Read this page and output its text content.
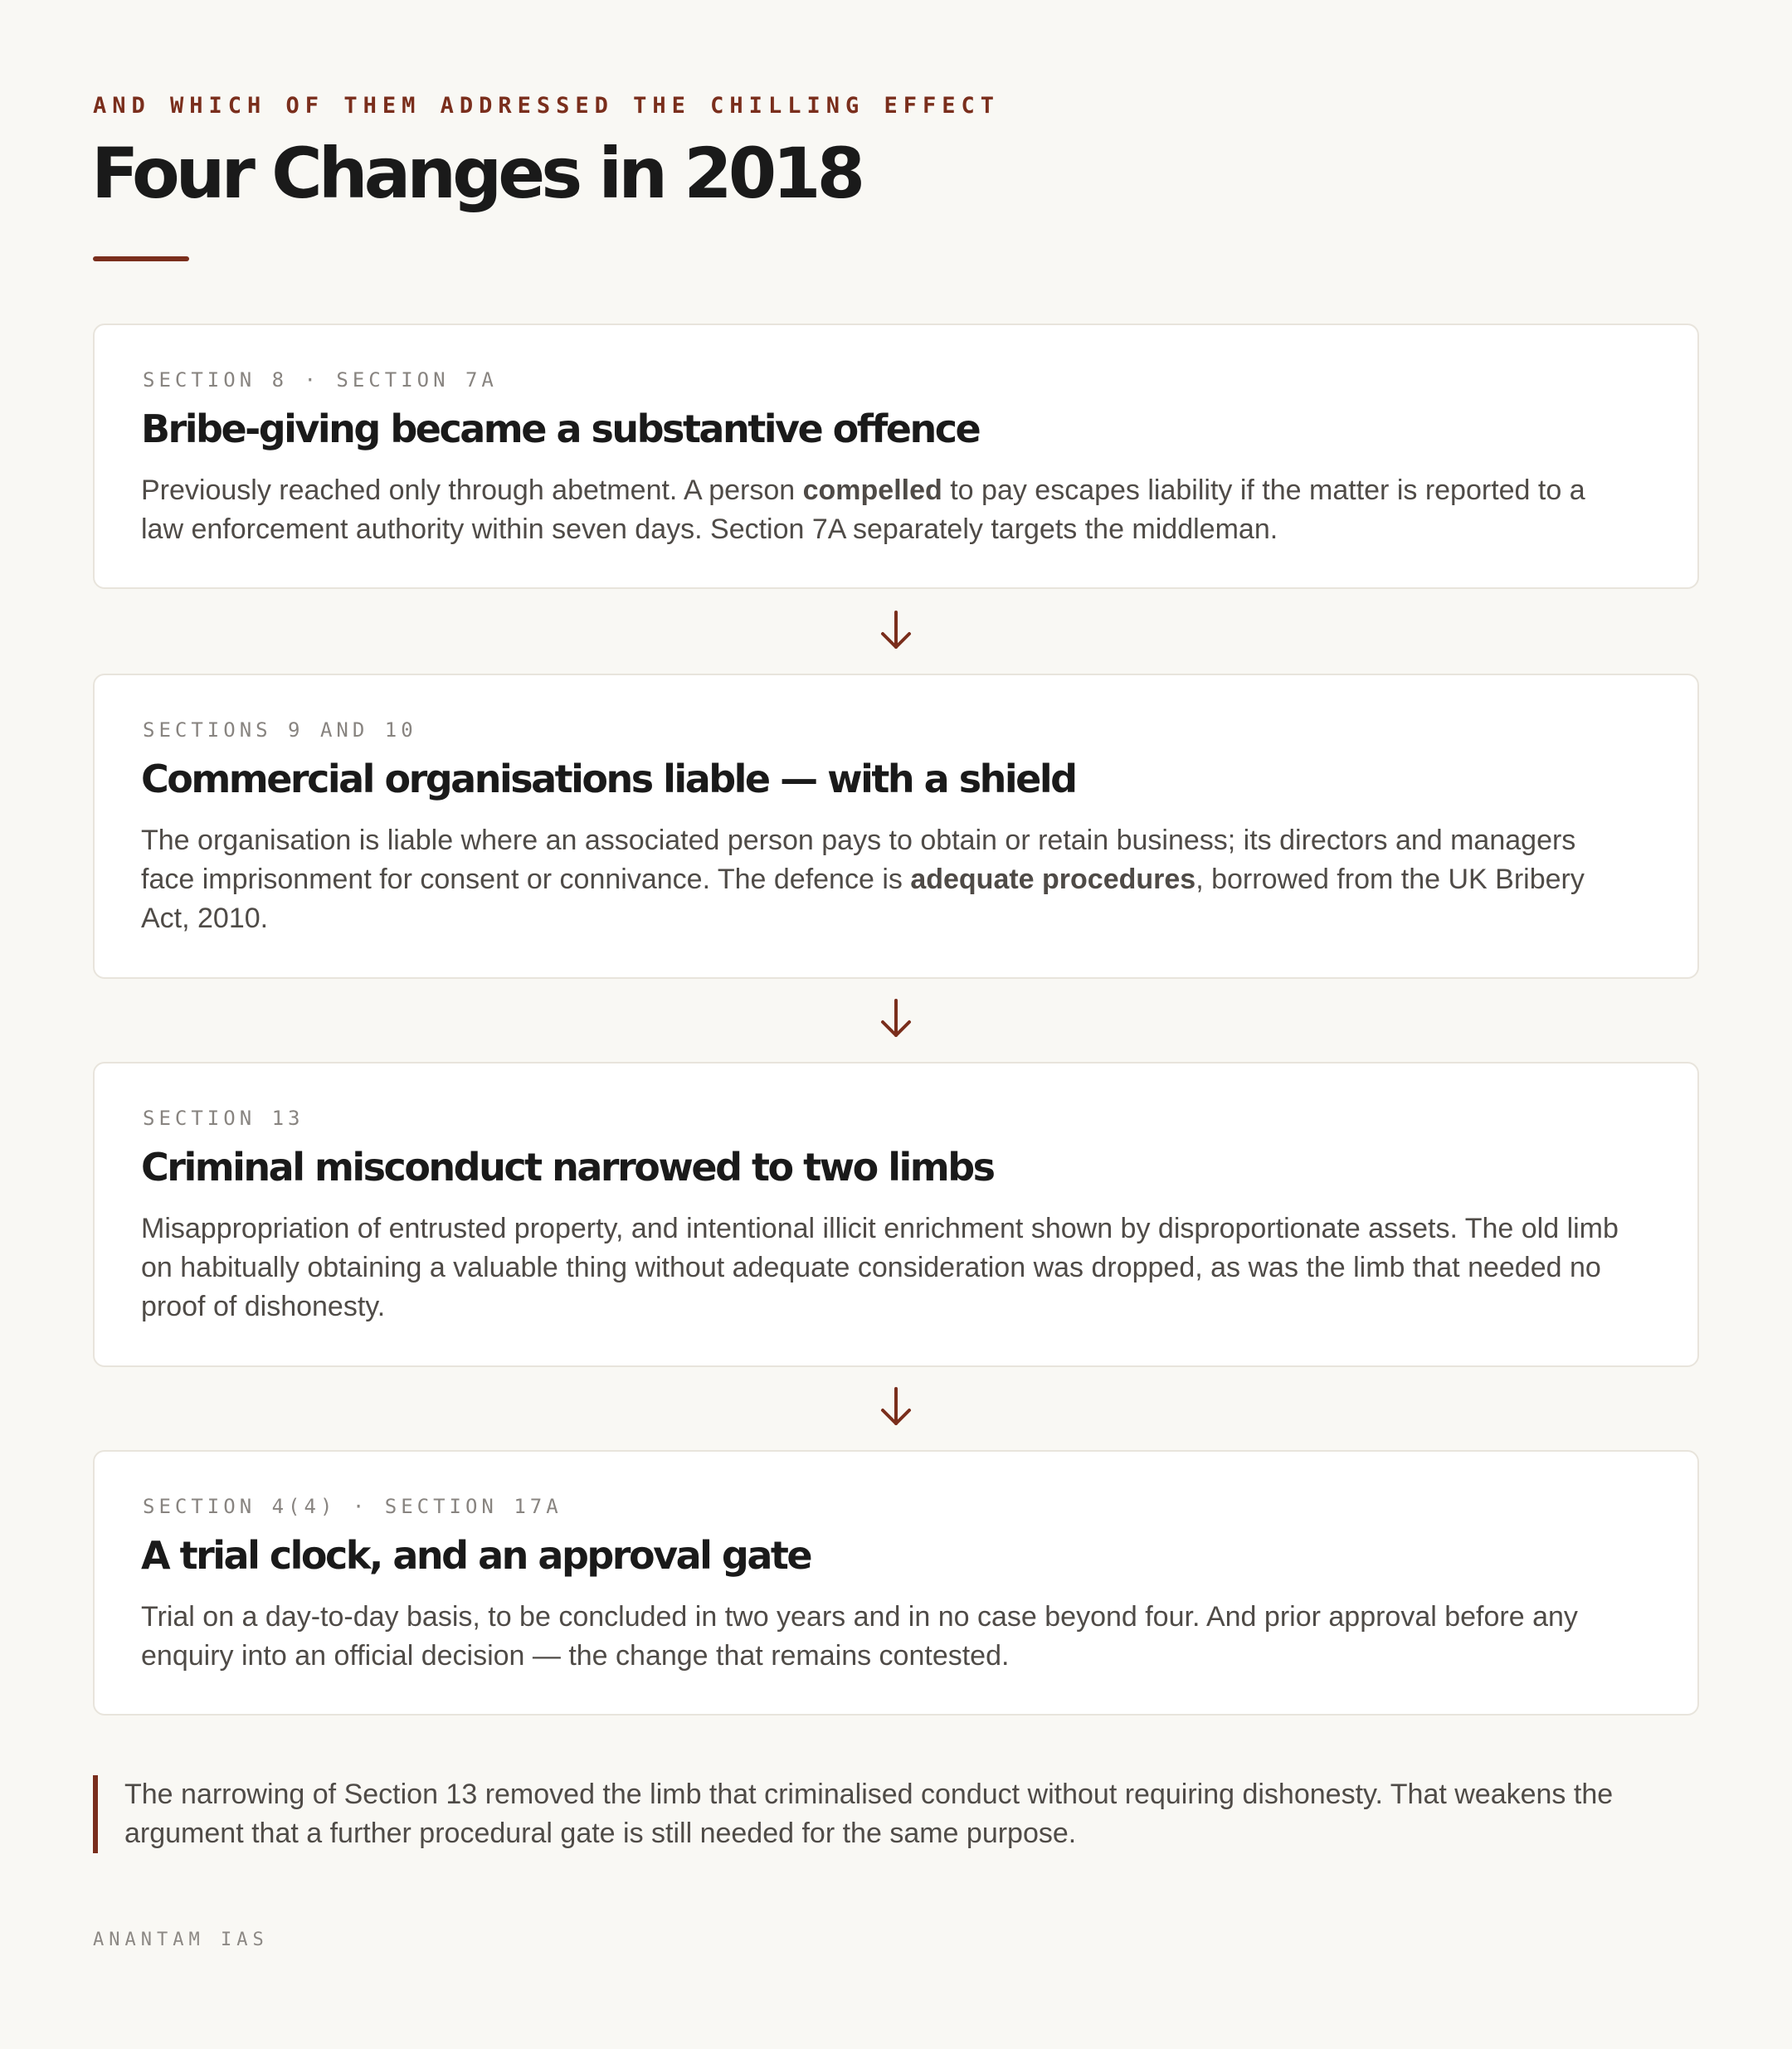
AND WHICH OF THEM ADDRESSED THE CHILLING EFFECT
Four Changes in 2018
SECTION 8 · SECTION 7A
Bribe-giving became a substantive offence

Previously reached only through abetment. A person compelled to pay escapes liability if the matter is reported to a law enforcement authority within seven days. Section 7A separately targets the middleman.

SECTIONS 9 AND 10
Commercial organisations liable — with a shield

The organisation is liable where an associated person pays to obtain or retain business; its directors and managers face imprisonment for consent or connivance. The defence is adequate procedures, borrowed from the UK Bribery Act, 2010.

SECTION 13
Criminal misconduct narrowed to two limbs

Misappropriation of entrusted property, and intentional illicit enrichment shown by disproportionate assets. The old limb on habitually obtaining a valuable thing without adequate consideration was dropped, as was the limb that needed no proof of dishonesty.

SECTION 4(4) · SECTION 17A
A trial clock, and an approval gate

Trial on a day-to-day basis, to be concluded in two years and in no case beyond four. And prior approval before any enquiry into an official decision — the change that remains contested.

The narrowing of Section 13 removed the limb that criminalised conduct without requiring dishonesty. That weakens the argument that a further procedural gate is still needed for the same purpose.

ANANTAM IAS
